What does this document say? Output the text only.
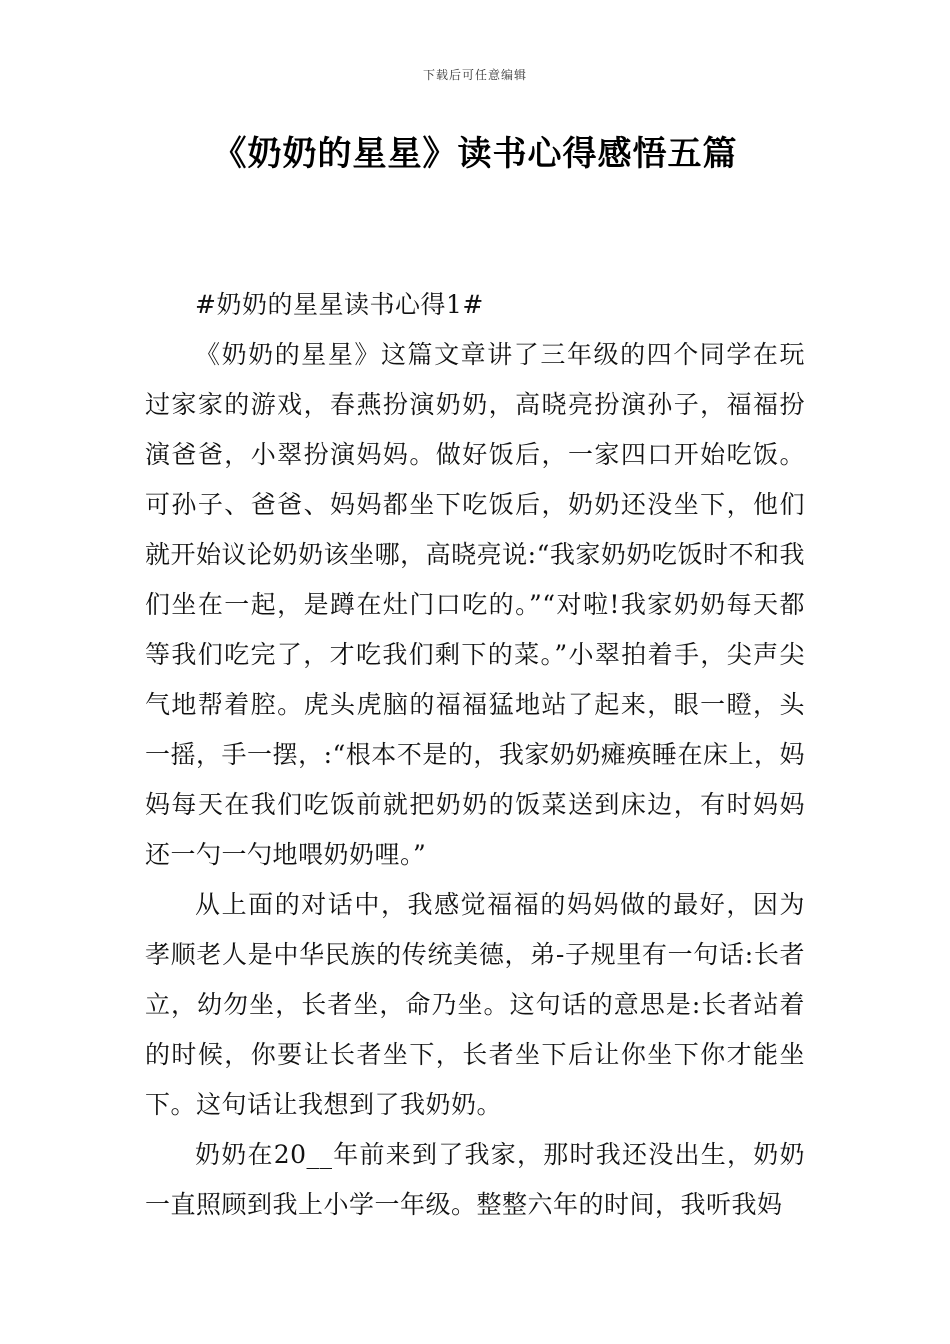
下载后可任意编辑
《奶奶的星星》读书心得感悟五篇

#奶奶的星星读书心得1#

《奶奶的星星》这篇文章讲了三年级的四个同学在玩过家家的游戏，春燕扮演奶奶，高晓亮扮演孙子，福福扮演爸爸，小翠扮演妈妈。做好饭后，一家四口开始吃饭。可孙子、爸爸、妈妈都坐下吃饭后，奶奶还没坐下，他们就开始议论奶奶该坐哪，高晓亮说:“我家奶奶吃饭时不和我们坐在一起，是蹲在灶门口吃的。”“对啦!我家奶奶每天都等我们吃完了，才吃我们剩下的菜。”小翠拍着手，尖声尖气地帮着腔。虎头虎脑的福福猛地站了起来，眼一瞪，头一摇，手一摆，:“根本不是的，我家奶奶瘫痪睡在床上，妈妈每天在我们吃饭前就把奶奶的饭菜送到床边，有时妈妈还一勺一勺地喂奶奶哩。”

从上面的对话中，我感觉福福的妈妈做的最好，因为孝顺老人是中华民族的传统美德，弟-子规里有一句话:长者立，幼勿坐，长者坐，命乃坐。这句话的意思是:长者站着的时候，你要让长者坐下，长者坐下后让你坐下你才能坐下。这句话让我想到了我奶奶。

奶奶在20__年前来到了我家，那时我还没出生，奶奶一直照顾到我上小学一年级。整整六年的时间，我听我妈
